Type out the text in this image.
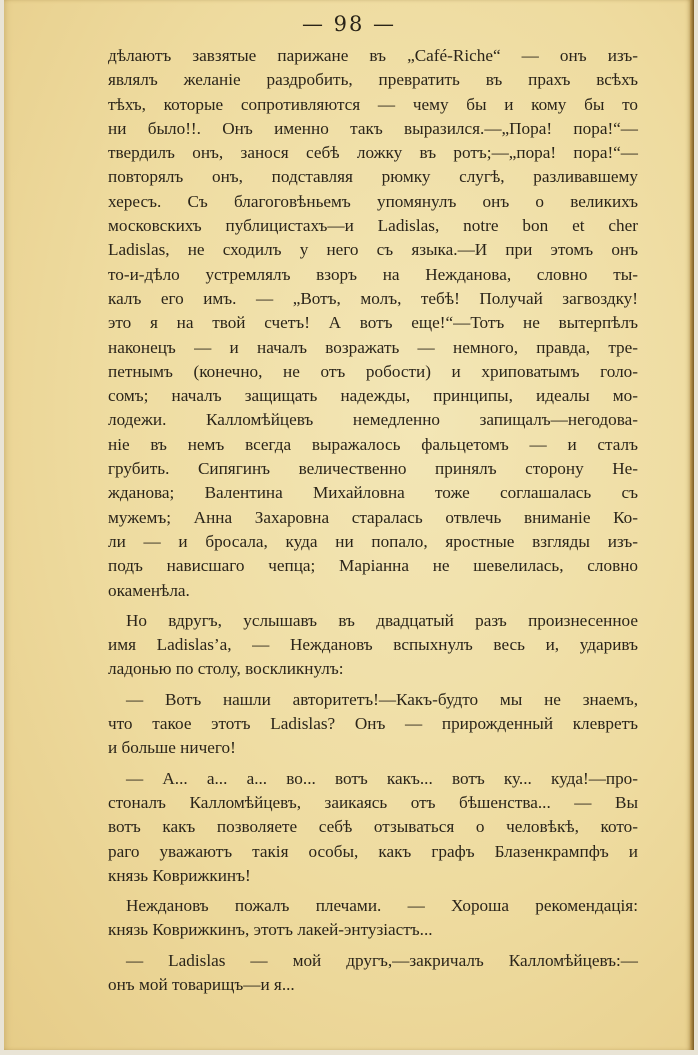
— 98 —
дѣлаютъ завзятые парижане въ „Café-Riche“ — онъ изъ-
являлъ желаніе раздробить, превратить въ прахъ всѣхъ
тѣхъ, которые сопротивляются — чему бы и кому бы то
ни было!!. Онъ именно такъ выразился.—„Пора! пора!“—
твердилъ онъ, занося себѣ ложку въ ротъ;—„пора! пора!“—
повторялъ онъ, подставляя рюмку слугѣ, разливавшему
хересъ. Съ благоговѣньемъ упомянулъ онъ о великихъ
московскихъ публицистахъ—и Ladislas, notre bon et cher
Ladislas, не сходилъ у него съ языка.—И при этомъ онъ
то-и-дѣло устремлялъ взоръ на Нежданова, словно ты-
калъ его имъ. — „Вотъ, молъ, тебѣ! Получай загвоздку!
это я на твой счетъ! А вотъ еще!“—Тотъ не вытерпѣлъ
наконецъ — и началъ возражать — немного, правда, тре-
петнымъ (конечно, не отъ робости) и хриповатымъ голо-
сомъ; началъ защищать надежды, принципы, идеалы мо-
лодежи. Калломѣйцевъ немедленно запищалъ—негодова-
ніе въ немъ всегда выражалось фальцетомъ — и сталъ
грубить. Сипягинъ величественно принялъ сторону Не-
жданова; Валентина Михайловна тоже соглашалась съ
мужемъ; Анна Захаровна старалась отвлечь вниманіе Ко-
ли — и бросала, куда ни попало, яростные взгляды изъ-
подъ нависшаго чепца; Маріанна не шевелилась, словно
окаменѣла.
Но вдругъ, услышавъ въ двадцатый разъ произнесенное
имя Ladislas’a, — Неждановъ вспыхнулъ весь и, ударивъ
ладонью по столу, воскликнулъ:
— Вотъ нашли авторитетъ!—Какъ-будто мы не знаемъ,
что такое этотъ Ladislas? Онъ — прирожденный клевретъ
и больше ничего!
— А... а... а... во... вотъ какъ... вотъ ку... куда!—про-
стоналъ Калломѣйцевъ, заикаясь отъ бѣшенства... — Вы
вотъ какъ позволяете себѣ отзываться о человѣкѣ, кото-
раго уважаютъ такія особы, какъ графъ Блазенкрампфъ и
князь Коврижкинъ!
Неждановъ пожалъ плечами. — Хороша рекомендація:
князь Коврижкинъ, этотъ лакей-энтузіастъ...
— Ladislas — мой другъ,—закричалъ Калломѣйцевъ:—
онъ мой товарищъ—и я...
